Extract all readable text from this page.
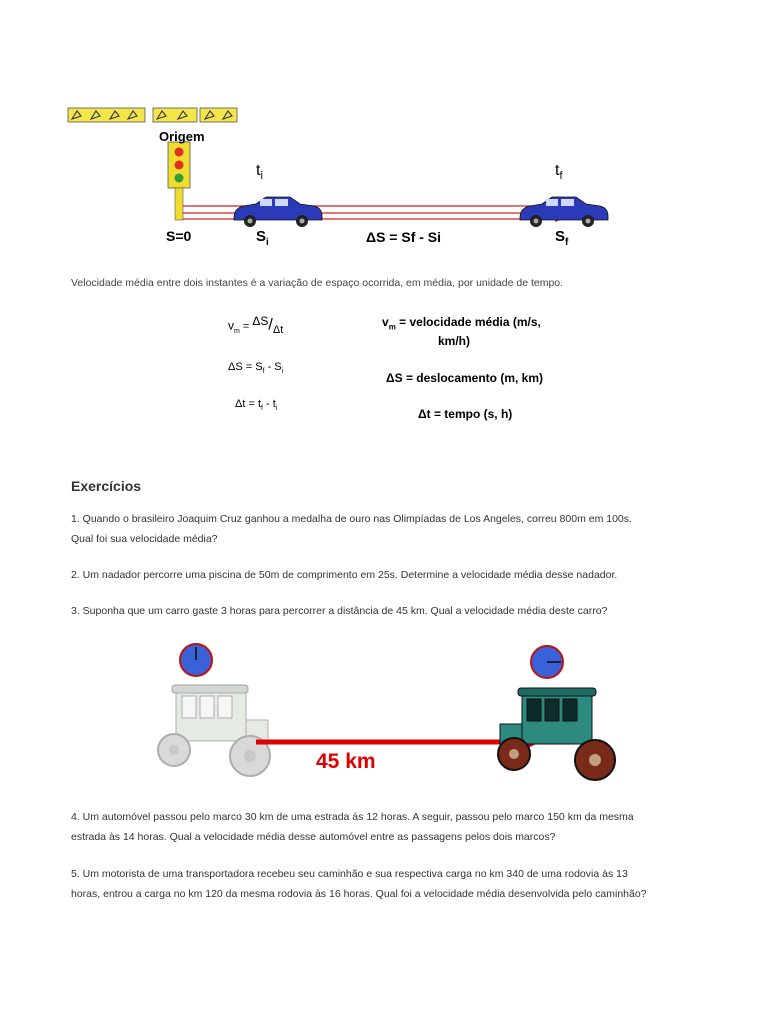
Origem
$t_i$	$t_f$
S=0	$S_i$	ΔS = Sf - Si	$S_f$
Velocidade média entre dois instantes é a variação de espaço ocorrida, em média, por unidade de tempo.
$v_m = ^{\Delta S}/_{\Delta t}$
$\Delta S = S_f - S_i$
$\Delta t = t_f - t_i$
$v_m$ = velocidade média (m/s,
km/h)
ΔS = deslocamento (m, km)
Δt = tempo (s, h)
Exercícios
1. Quando o brasileiro Joaquim Cruz ganhou a medalha de ouro nas Olimpíadas de Los Angeles, correu 800m em 100s.
Qual foi sua velocidade média?
2. Um nadador percorre uma piscina de 50m de comprimento em 25s. Determine a velocidade média desse nadador.
3. Suponha que um carro gaste 3 horas para percorrer a distância de 45 km. Qual a velocidade média deste carro?
45 km
4. Um automóvel passou pelo marco 30 km de uma estrada ás 12 horas. A seguir, passou pelo marco 150 km da mesma
estrada às 14 horas. Qual a velocidade média desse automóvel entre as passagens pelos dois marcos?
5. Um motorista de uma transportadora recebeu seu caminhão e sua respectiva carga no km 340 de uma rodovia às 13
horas, entrou a carga no km 120 da mesma rodovia às 16 horas. Qual foi a velocidade média desenvolvida pelo caminhão?
